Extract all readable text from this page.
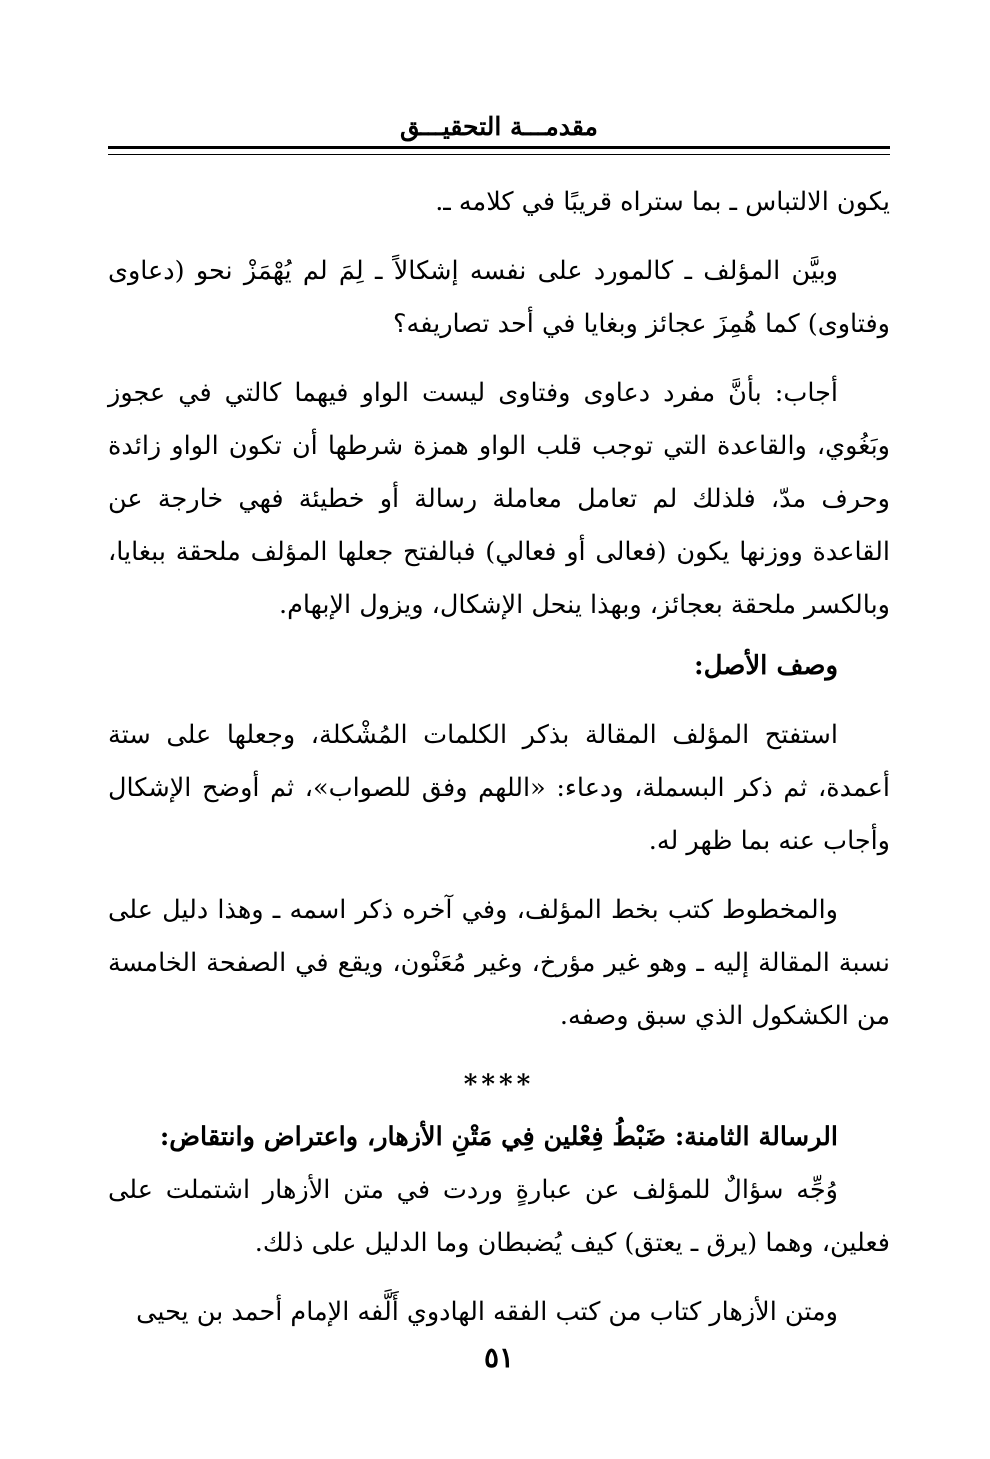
مقدمـــة التحقيـــق

يكون الالتباس ـ بما ستراه قريبًا في كلامه ـ.

وبيَّن المؤلف ـ كالمورد على نفسه إشكالاً ـ لِمَ لم يُهْمَزْ نحو (دعاوى وفتاوى) كما هُمِزَ عجائز وبغايا في أحد تصاريفه؟

أجاب: بأنَّ مفرد دعاوى وفتاوى ليست الواو فيهما كالتي في عجوز وبَغُوي، والقاعدة التي توجب قلب الواو همزة شرطها أن تكون الواو زائدة وحرف مدّ، فلذلك لم تعامل معاملة رسالة أو خطيئة فهي خارجة عن القاعدة ووزنها يكون (فعالى أو فعالي) فبالفتح جعلها المؤلف ملحقة ببغايا، وبالكسر ملحقة بعجائز، وبهذا ينحل الإشكال، ويزول الإبهام.

وصف الأصل:

استفتح المؤلف المقالة بذكر الكلمات المُشْكلة، وجعلها على ستة أعمدة، ثم ذكر البسملة، ودعاء: «اللهم وفق للصواب»، ثم أوضح الإشكال وأجاب عنه بما ظهر له.

والمخطوط كتب بخط المؤلف، وفي آخره ذكر اسمه ـ وهذا دليل على نسبة المقالة إليه ـ وهو غير مؤرخ، وغير مُعَنْون، ويقع في الصفحة الخامسة من الكشكول الذي سبق وصفه.

****

الرسالة الثامنة: ضَبْطُ فِعْلين فِي مَتْنِ الأزهار، واعتراض وانتقاض:

وُجِّه سؤالٌ للمؤلف عن عبارةٍ وردت في متن الأزهار اشتملت على فعلين، وهما (يرق ـ يعتق) كيف يُضبطان وما الدليل على ذلك.

ومتن الأزهار كتاب من كتب الفقه الهادوي أَلَّفه الإمام أحمد بن يحيى

٥١
